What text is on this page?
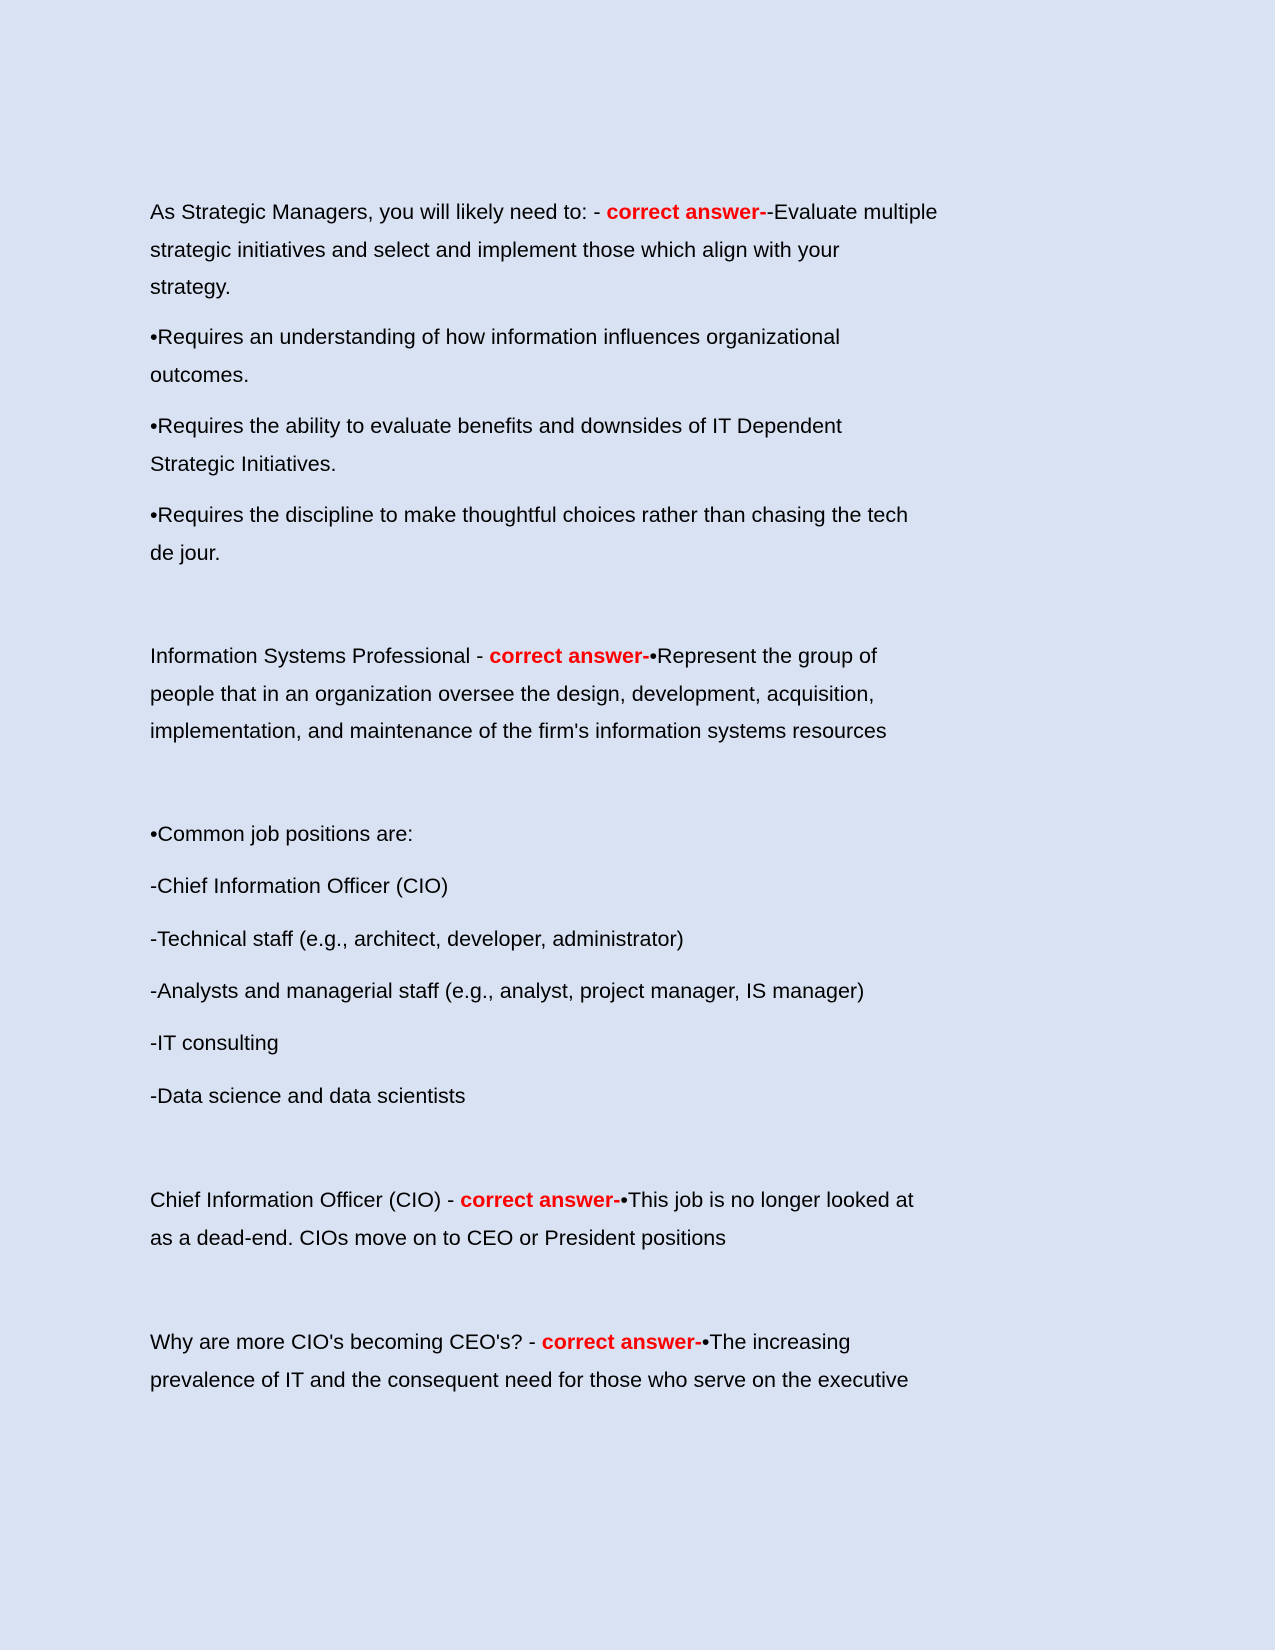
As Strategic Managers, you will likely need to: - correct answer--Evaluate multiple
strategic initiatives and select and implement those which align with your
strategy.
•Requires an understanding of how information influences organizational
outcomes.
•Requires the ability to evaluate benefits and downsides of IT Dependent
Strategic Initiatives.
•Requires the discipline to make thoughtful choices rather than chasing the tech
de jour.
Information Systems Professional - correct answer-•Represent the group of
people that in an organization oversee the design, development, acquisition,
implementation, and maintenance of the firm's information systems resources
•Common job positions are:
-Chief Information Officer (CIO)
-Technical staff (e.g., architect, developer, administrator)
-Analysts and managerial staff (e.g., analyst, project manager, IS manager)
-IT consulting
-Data science and data scientists
Chief Information Officer (CIO) - correct answer-•This job is no longer looked at
as a dead-end. CIOs move on to CEO or President positions
Why are more CIO's becoming CEO's? - correct answer-•The increasing
prevalence of IT and the consequent need for those who serve on the executive
